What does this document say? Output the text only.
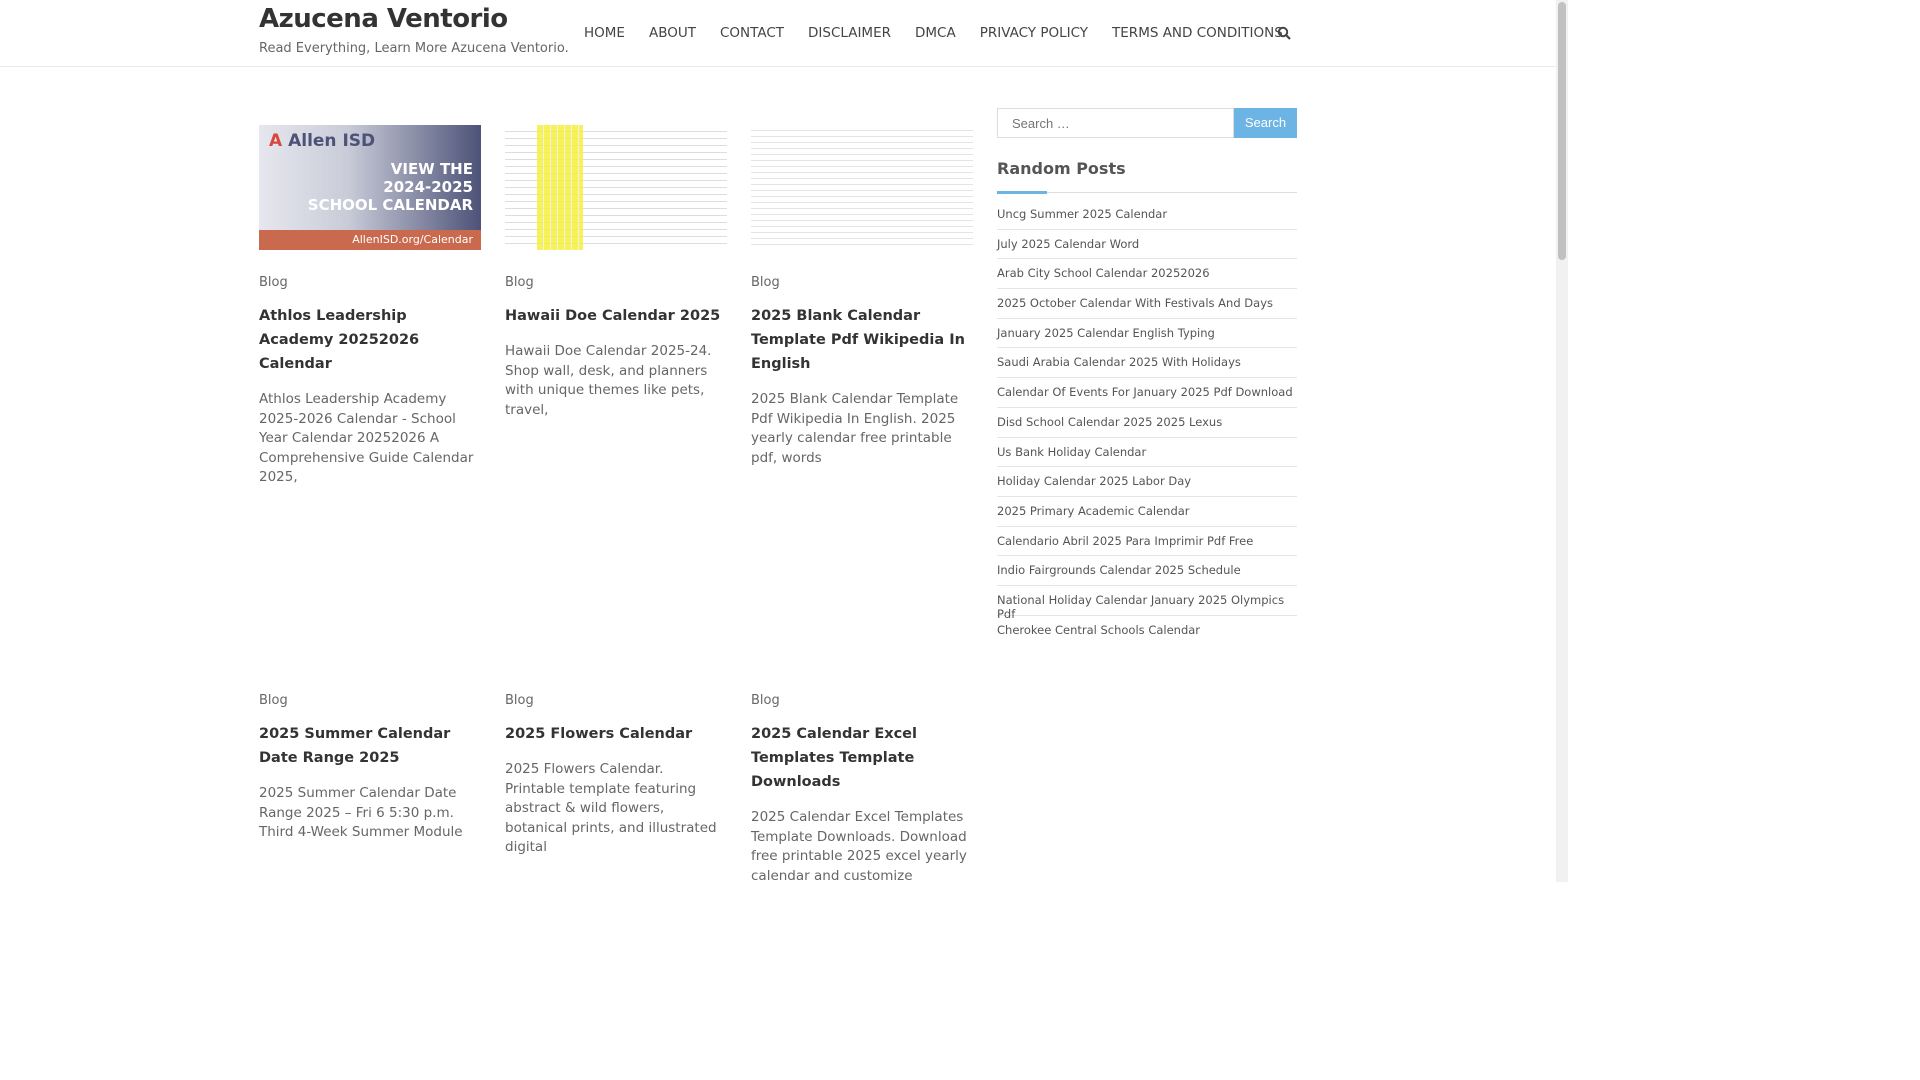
Azucena Ventorio
Read Everything, Learn More Azucena Ventorio.
HOME ABOUT CONTACT DISCLAIMER DMCA PRIVACY POLICY TERMS AND CONDITIONS
A Allen ISD
VIEW THE
2024-2025
SCHOOL CALENDAR
AllenISD.org/Calendar
Blog
Athlos Leadership Academy 20252026 Calendar
Athlos Leadership Academy 2025-2026 Calendar - School Year Calendar 20252026 A Comprehensive Guide Calendar 2025,
Blog
Hawaii Doe Calendar 2025
Hawaii Doe Calendar 2025-24. Shop wall, desk, and planners with unique themes like pets, travel,
Blog
2025 Blank Calendar Template Pdf Wikipedia In English
2025 Blank Calendar Template Pdf Wikipedia In English. 2025 yearly calendar free printable pdf, words
Blog
2025 Summer Calendar Date Range 2025
2025 Summer Calendar Date Range 2025 – Fri 6 5:30 p.m. Third 4-Week Summer Module
Blog
2025 Flowers Calendar
2025 Flowers Calendar. Printable template featuring abstract & wild flowers, botanical prints, and illustrated digital
Blog
2025 Calendar Excel Templates Template Downloads
2025 Calendar Excel Templates Template Downloads. Download free printable 2025 excel yearly calendar and customize
Search …
Search
Random Posts
Uncg Summer 2025 Calendar
July 2025 Calendar Word
Arab City School Calendar 20252026
2025 October Calendar With Festivals And Days
January 2025 Calendar English Typing
Saudi Arabia Calendar 2025 With Holidays
Calendar Of Events For January 2025 Pdf Download
Disd School Calendar 2025 2025 Lexus
Us Bank Holiday Calendar
Holiday Calendar 2025 Labor Day
2025 Primary Academic Calendar
Calendario Abril 2025 Para Imprimir Pdf Free
Indio Fairgrounds Calendar 2025 Schedule
National Holiday Calendar January 2025 Olympics Pdf
Cherokee Central Schools Calendar
